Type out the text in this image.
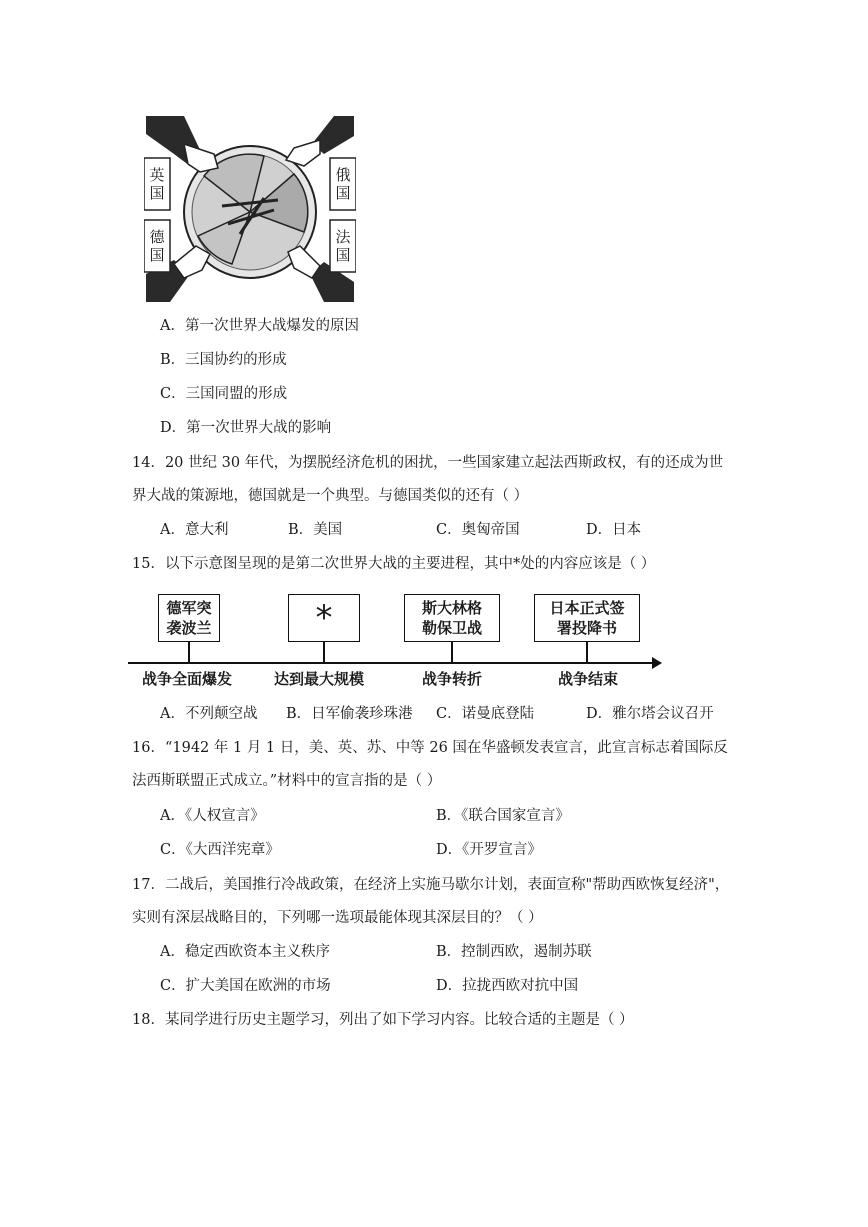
英国
德国
俄国
法国
A．第一次世界大战爆发的原因
B．三国协约的形成
C．三国同盟的形成
D．第一次世界大战的影响
14．20 世纪 30 年代，为摆脱经济危机的困扰，一些国家建立起法西斯政权，有的还成为世
界大战的策源地，德国就是一个典型。与德国类似的还有（ ）
A．意大利	B．美国	C．奥匈帝国	D．日本
15．以下示意图呈现的是第二次世界大战的主要进程，其中*处的内容应该是（ ）
德军突
袭波兰	*	斯大林格
勒保卫战
日本正式签
署投降书
战争全面爆发	达到最大规模	战争转折	战争结束
A．不列颠空战 B．日军偷袭珍珠港 C．诺曼底登陆	D．雅尔塔会议召开
16．“1942 年 1 月 1 日，美、英、苏、中等 26 国在华盛顿发表宣言，此宣言标志着国际反
法西斯联盟正式成立。”材料中的宣言指的是（ ）
A．《人权宣言》	B．《联合国家宣言》
C．《大西洋宪章》	D．《开罗宣言》
17．二战后，美国推行冷战政策，在经济上实施马歇尔计划，表面宣称"帮助西欧恢复经济"，
实则有深层战略目的，下列哪一选项最能体现其深层目的？（ ）
A．稳定西欧资本主义秩序	B．控制西欧，遏制苏联
C．扩大美国在欧洲的市场	D．拉拢西欧对抗中国
18．某同学进行历史主题学习，列出了如下学习内容。比较合适的主题是（ ）
